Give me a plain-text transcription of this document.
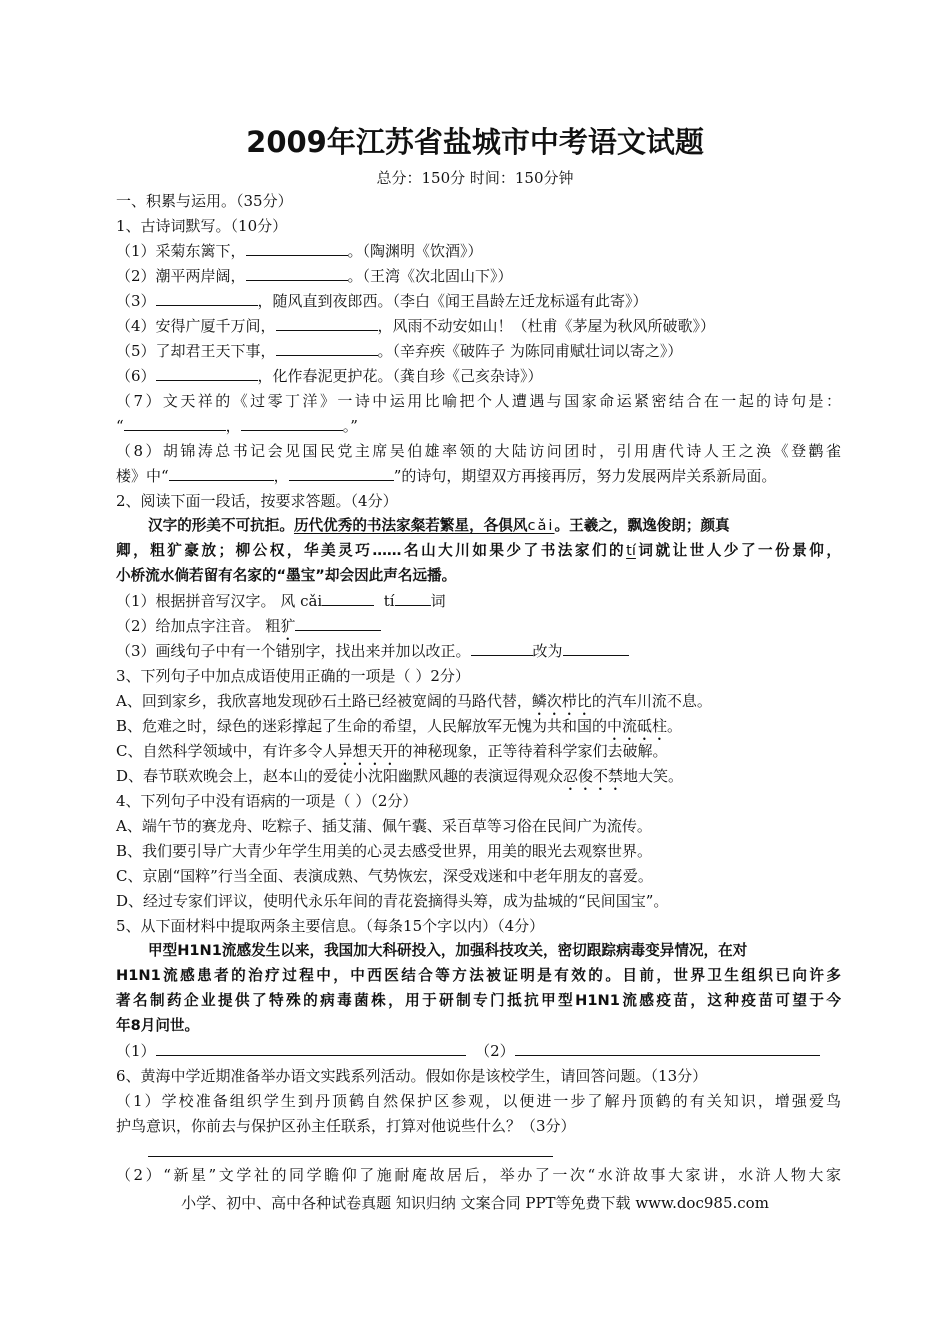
2009年江苏省盐城市中考语文试题
总分：150分 时间：150分钟
一、积累与运用。（35分）
1、古诗词默写。（10分）
（1）采菊东篱下，	。（陶渊明《饮酒》）
（2）潮平两岸阔，	。（王湾《次北固山下》）
（3）	，随风直到夜郎西。（李白《闻王昌龄左迁龙标遥有此寄》）
（4）安得广厦千万间，	，风雨不动安如山！（杜甫《茅屋为秋风所破歌》）
（5）了却君王天下事，	。（辛弃疾《破阵子 为陈同甫赋壮词以寄之》）
（6）	，化作春泥更护花。（龚自珍《己亥杂诗》）
（7）文天祥的《过零丁洋》一诗中运用比喻把个人遭遇与国家命运紧密结合在一起的诗句是：
“	，	。”
（8）胡锦涛总书记会见国民党主席吴伯雄率领的大陆访问团时，引用唐代诗人王之涣《登鹳雀
楼》中“	，	”的诗句，期望双方再接再厉，努力发展两岸关系新局面。
2、阅读下面一段话，按要求答题。（4分）
汉字的形美不可抗拒。历代优秀的书法家粲若繁星，各俱风cǎi。王羲之，飘逸俊朗；颜真
卿，粗犷豪放；柳公权，华美灵巧……名山大川如果少了书法家们的tí词就让世人少了一份景仰，
小桥流水倘若留有名家的“墨宝”却会因此声名远播。
（1）根据拼音写汉字。 风 cǎi	tí 词
（2）给加点字注音。 粗犷
（3）画线句子中有一个错别字，找出来并加以改正。	改为
3、下列句子中加点成语使用正确的一项是（ ）2分）
A、回到家乡，我欣喜地发现砂石土路已经被宽阔的马路代替，鳞次栉比的汽车川流不息。
B、危难之时，绿色的迷彩撑起了生命的希望，人民解放军无愧为共和国的中流砥柱。
C、自然科学领域中，有许多令人异想天开的神秘现象，正等待着科学家们去破解。
D、春节联欢晚会上，赵本山的爱徒小沈阳幽默风趣的表演逗得观众忍俊不禁地大笑。
4、下列句子中没有语病的一项是（ ）（2分）
A、端午节的赛龙舟、吃粽子、插艾蒲、佩午囊、采百草等习俗在民间广为流传。
B、我们要引导广大青少年学生用美的心灵去感受世界，用美的眼光去观察世界。
C、京剧“国粹”行当全面、表演成熟、气势恢宏，深受戏迷和中老年朋友的喜爱。
D、经过专家们评议，使明代永乐年间的青花瓷摘得头筹，成为盐城的“民间国宝”。
5、从下面材料中提取两条主要信息。（每条15个字以内）（4分）
甲型H1N1流感发生以来，我国加大科研投入，加强科技攻关，密切跟踪病毒变异情况，在对
H1N1流感患者的治疗过程中，中西医结合等方法被证明是有效的。目前，世界卫生组织已向许多
著名制药企业提供了特殊的病毒菌株，用于研制专门抵抗甲型H1N1流感疫苗，这种疫苗可望于今
年8月问世。
（1）	（2）
6、黄海中学近期准备举办语文实践系列活动。假如你是该校学生，请回答问题。（13分）
（1）学校准备组织学生到丹顶鹤自然保护区参观，以便进一步了解丹顶鹤的有关知识，增强爱鸟
护鸟意识，你前去与保护区孙主任联系，打算对他说些什么？（3分）
（2）“新星”文学社的同学瞻仰了施耐庵故居后，举办了一次“水浒故事大家讲，水浒人物大家
小学、初中、高中各种试卷真题 知识归纳 文案合同 PPT等免费下载 www.doc985.com
